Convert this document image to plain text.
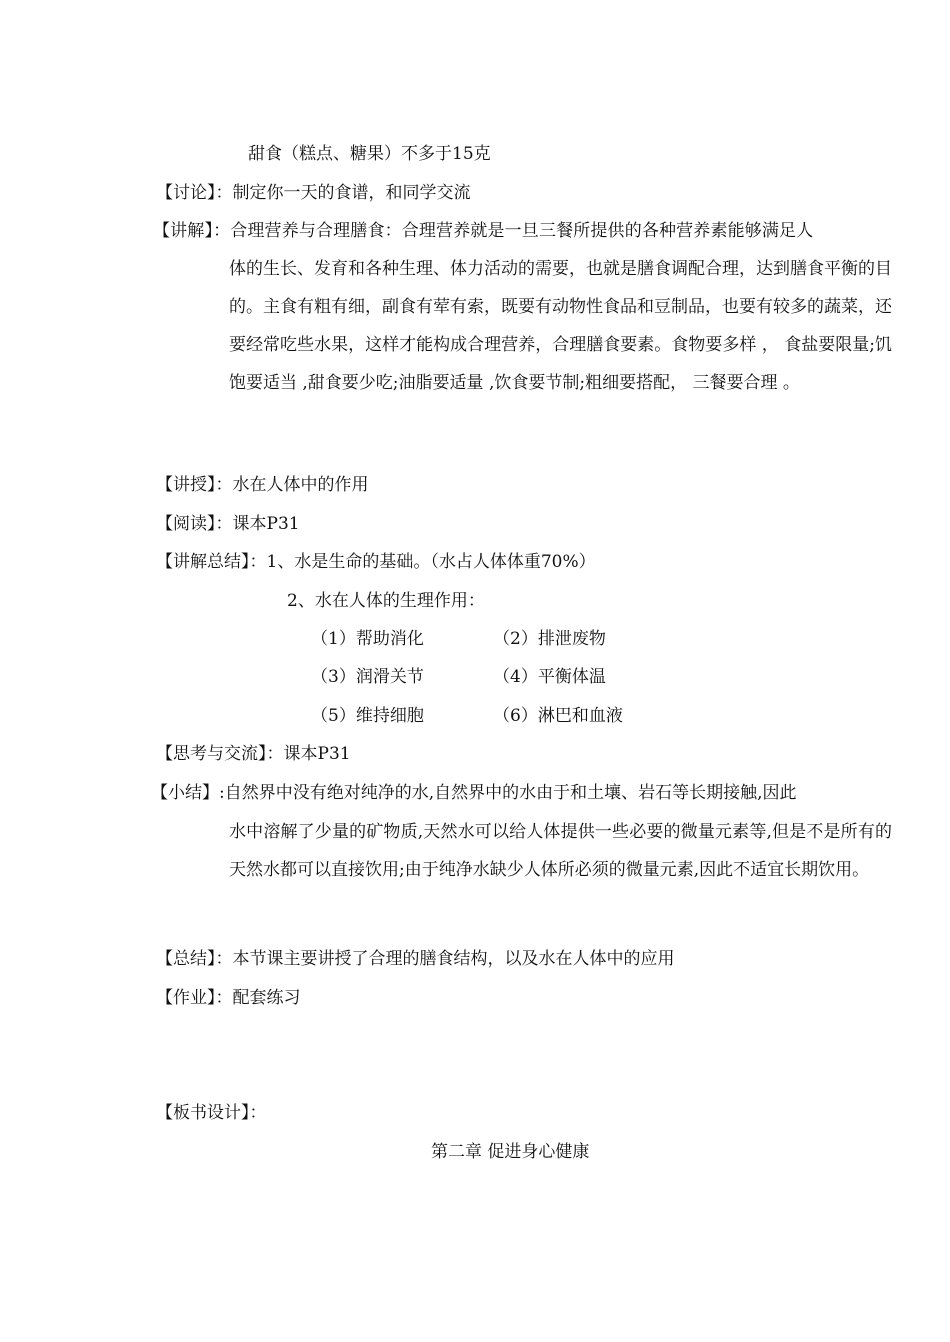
甜食（糕点、糖果）不多于15克
【讨论】：制定你一天的食谱，和同学交流
【讲解】：合理营养与合理膳食：合理营养就是一旦三餐所提供的各种营养素能够满足人
体的生长、发育和各种生理、体力活动的需要，也就是膳食调配合理，达到膳食平衡的目的。主食有粗有细，副食有荤有索，既要有动物性食品和豆制品，也要有较多的蔬菜，还要经常吃些水果，这样才能构成合理营养，合理膳食要素。食物要多样 ， 食盐要限量;饥饱要适当 ,甜食要少吃;油脂要适量 ,饮食要节制;粗细要搭配， 三餐要合理 。
【讲授】：水在人体中的作用
【阅读】：课本P31
【讲解总结】：1、水是生命的基础。（水占人体体重70%）
2、水在人体的生理作用：
（1）帮助消化	（2）排泄废物
（3）润滑关节	（4）平衡体温
（5）维持细胞	（6）淋巴和血液
【思考与交流】：课本P31
【小结】:自然界中没有绝对纯净的水,自然界中的水由于和土壤、岩石等长期接触,因此
水中溶解了少量的矿物质,天然水可以给人体提供一些必要的微量元素等,但是不是所有的天然水都可以直接饮用;由于纯净水缺少人体所必须的微量元素,因此不适宜长期饮用。
【总结】：本节课主要讲授了合理的膳食结构，以及水在人体中的应用
【作业】：配套练习
【板书设计】：
第二章 促进身心健康
